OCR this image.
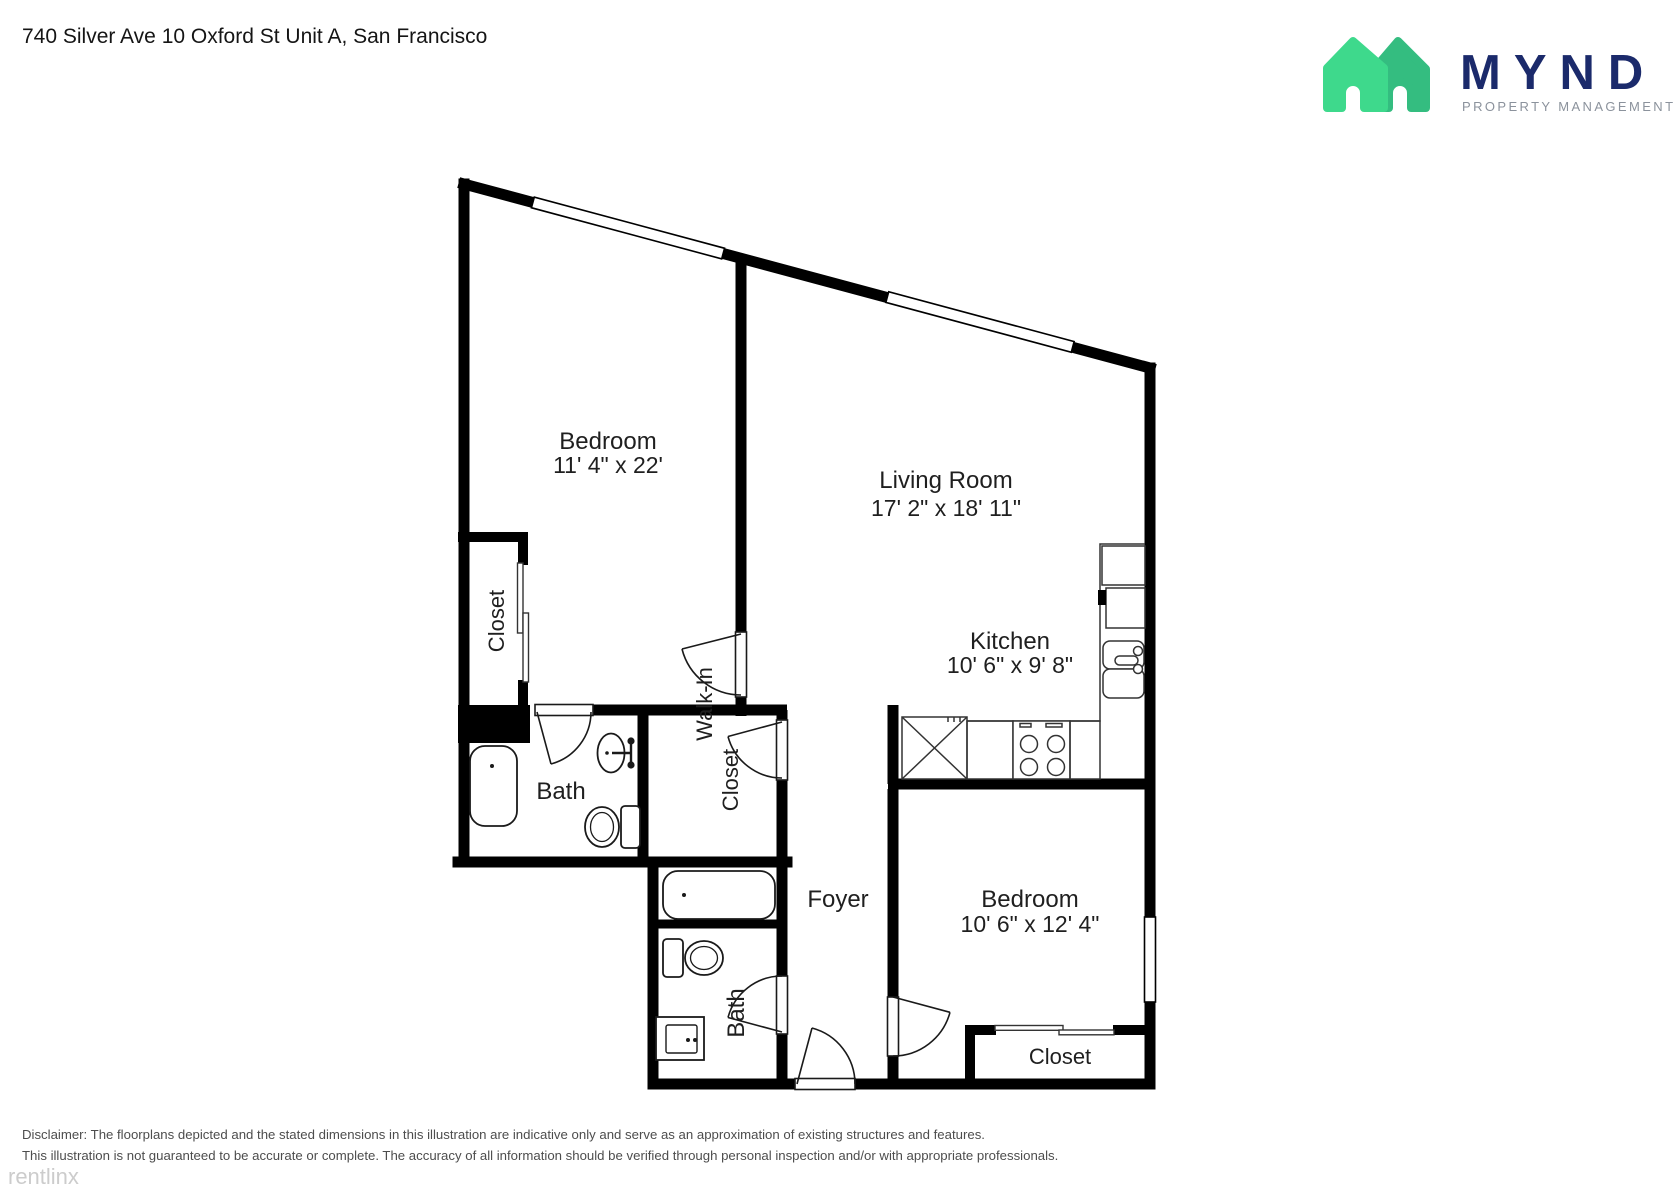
740 Silver Ave 10 Oxford St Unit A, San Francisco
MYND
PROPERTY MANAGEMENT
Bedroom
11' 4" x 22'
Living Room
17' 2" x 18' 11"
Kitchen
10' 6" x 9' 8"
Bedroom
10' 6" x 12' 4"
Foyer
Bath
Bath
Closet
Walk-In
Closet
Closet
Disclaimer: The floorplans depicted and the stated dimensions in this illustration are indicative only and serve as an approximation of existing structures and features.
This illustration is not guaranteed to be accurate or complete. The accuracy of all information should be verified through personal inspection and/or with appropriate professionals.
rentlinx
